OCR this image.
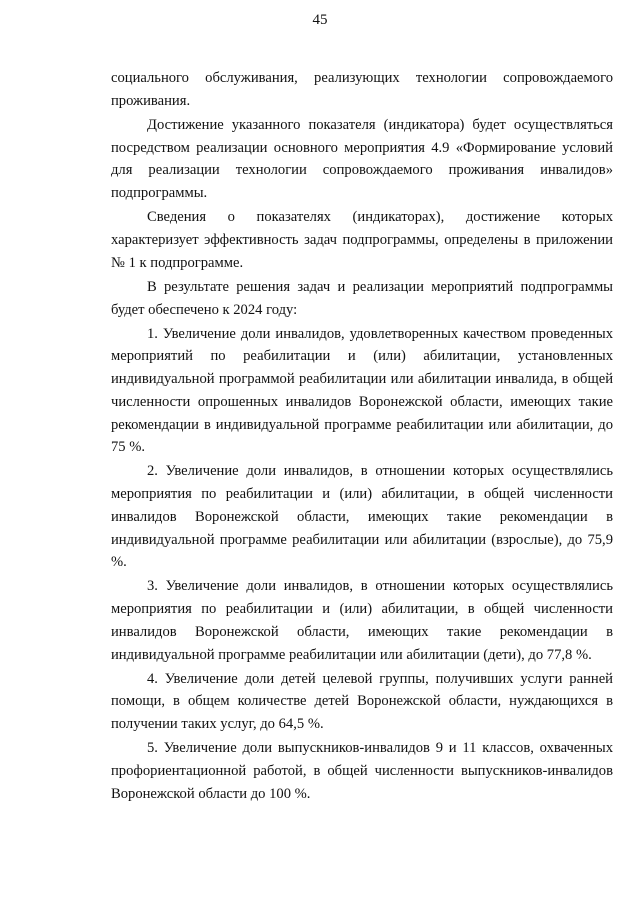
45

социального обслуживания, реализующих технологии сопровождаемого проживания.

Достижение указанного показателя (индикатора) будет осуществляться посредством реализации основного мероприятия 4.9 «Формирование условий для реализации технологии сопровождаемого проживания инвалидов» подпрограммы.

Сведения о показателях (индикаторах), достижение которых характеризует эффективность задач подпрограммы, определены в приложении № 1 к подпрограмме.

В результате решения задач и реализации мероприятий подпрограммы будет обеспечено к 2024 году:

1. Увеличение доли инвалидов, удовлетворенных качеством проведенных мероприятий по реабилитации и (или) абилитации, установленных индивидуальной программой реабилитации или абилитации инвалида, в общей численности опрошенных инвалидов Воронежской области, имеющих такие рекомендации в индивидуальной программе реабилитации или абилитации, до 75 %.

2. Увеличение доли инвалидов, в отношении которых осуществлялись мероприятия по реабилитации и (или) абилитации, в общей численности инвалидов Воронежской области, имеющих такие рекомендации в индивидуальной программе реабилитации или абилитации (взрослые), до 75,9 %.

3. Увеличение доли инвалидов, в отношении которых осуществлялись мероприятия по реабилитации и (или) абилитации, в общей численности инвалидов Воронежской области, имеющих такие рекомендации в индивидуальной программе реабилитации или абилитации (дети), до 77,8 %.

4. Увеличение доли детей целевой группы, получивших услуги ранней помощи, в общем количестве детей Воронежской области, нуждающихся в получении таких услуг, до 64,5 %.

5. Увеличение доли выпускников-инвалидов 9 и 11 классов, охваченных профориентационной работой, в общей численности выпускников-инвалидов Воронежской области до 100 %.
